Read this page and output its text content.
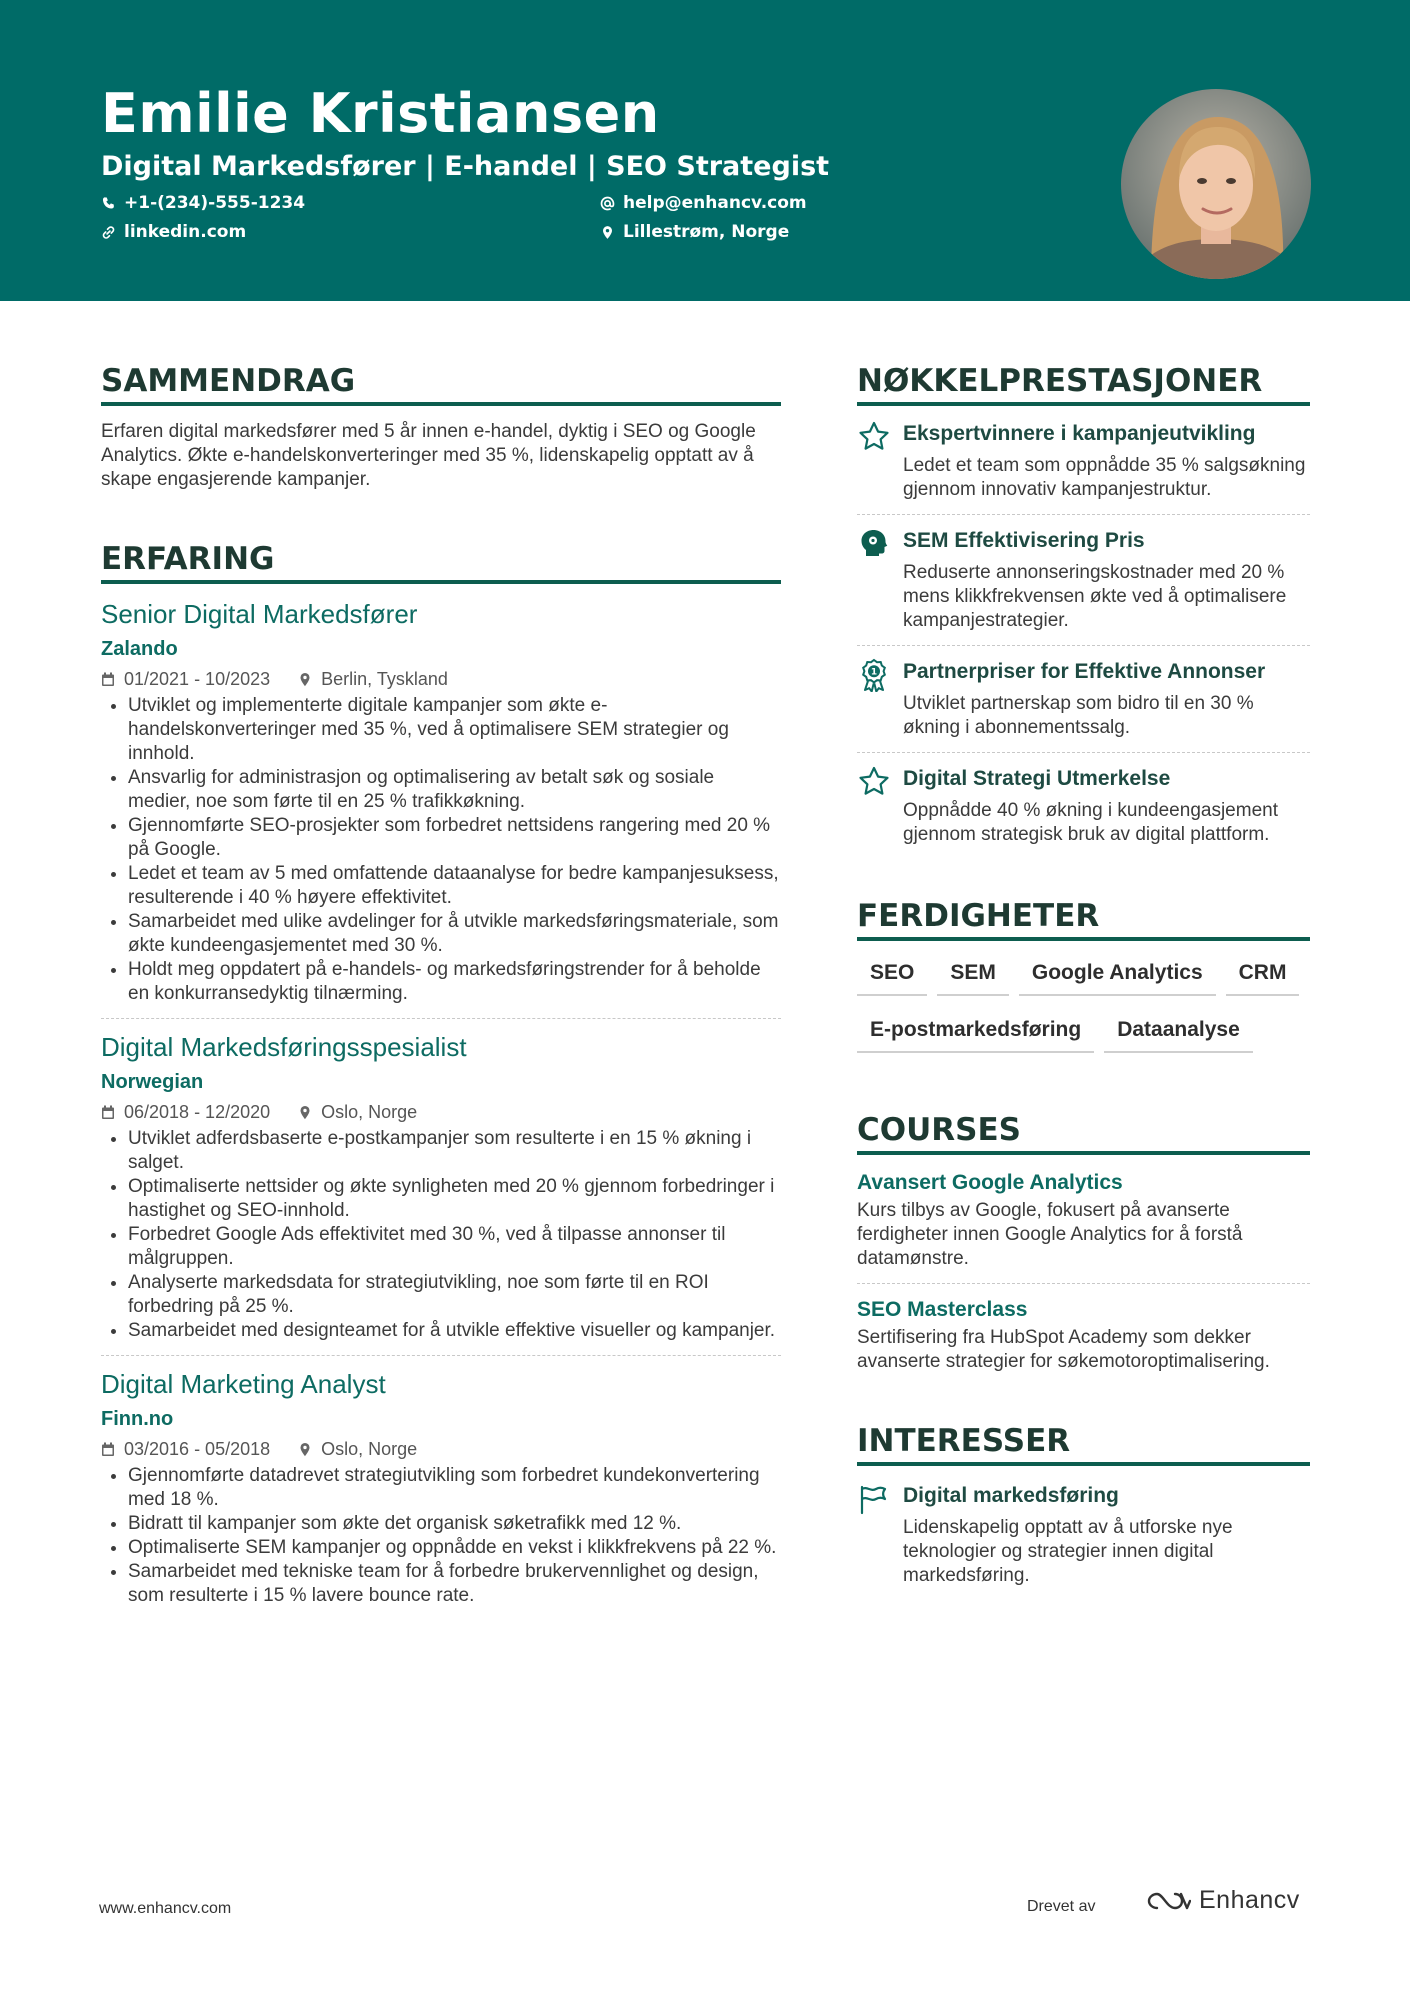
Emilie Kristiansen
Digital Markedsfører | E-handel | SEO Strategist
+1-(234)-555-1234	help@enhancv.com
linkedin.com	Lillestrøm, Norge
SAMMENDRAG
Erfaren digital markedsfører med 5 år innen e-handel, dyktig i SEO og Google Analytics. Økte e-handelskonverteringer med 35 %, lidenskapelig opptatt av å skape engasjerende kampanjer.
ERFARING
Senior Digital Markedsfører
Zalando
01/2021 - 10/2023	Berlin, Tyskland
• Utviklet og implementerte digitale kampanjer som økte e-handelskonverteringer med 35 %, ved å optimalisere SEM strategier og innhold.
• Ansvarlig for administrasjon og optimalisering av betalt søk og sosiale medier, noe som førte til en 25 % trafikkøkning.
• Gjennomførte SEO-prosjekter som forbedret nettsidens rangering med 20 % på Google.
• Ledet et team av 5 med omfattende dataanalyse for bedre kampanjesuksess, resulterende i 40 % høyere effektivitet.
• Samarbeidet med ulike avdelinger for å utvikle markedsføringsmateriale, som økte kundeengasjementet med 30 %.
• Holdt meg oppdatert på e-handels- og markedsføringstrender for å beholde en konkurransedyktig tilnærming.
Digital Markedsføringsspesialist
Norwegian
06/2018 - 12/2020	Oslo, Norge
• Utviklet adferdsbaserte e-postkampanjer som resulterte i en 15 % økning i salget.
• Optimaliserte nettsider og økte synligheten med 20 % gjennom forbedringer i hastighet og SEO-innhold.
• Forbedret Google Ads effektivitet med 30 %, ved å tilpasse annonser til målgruppen.
• Analyserte markedsdata for strategiutvikling, noe som førte til en ROI forbedring på 25 %.
• Samarbeidet med designteamet for å utvikle effektive visueller og kampanjer.
Digital Marketing Analyst
Finn.no
03/2016 - 05/2018	Oslo, Norge
• Gjennomførte datadrevet strategiutvikling som forbedret kundekonvertering med 18 %.
• Bidratt til kampanjer som økte det organisk søketrafikk med 12 %.
• Optimaliserte SEM kampanjer og oppnådde en vekst i klikkfrekvens på 22 %.
• Samarbeidet med tekniske team for å forbedre brukervennlighet og design, som resulterte i 15 % lavere bounce rate.
NØKKELPRESTASJONER
Ekspertvinnere i kampanjeutvikling
Ledet et team som oppnådde 35 % salgsøkning gjennom innovativ kampanjestruktur.
SEM Effektivisering Pris
Reduserte annonseringskostnader med 20 % mens klikkfrekvensen økte ved å optimalisere kampanjestrategier.
1 Partnerpriser for Effektive Annonser
Utviklet partnerskap som bidro til en 30 % økning i abonnementssalg.
Digital Strategi Utmerkelse
Oppnådde 40 % økning i kundeengasjement gjennom strategisk bruk av digital plattform.
FERDIGHETER
SEO	SEM	Google Analytics	CRM
E-postmarkedsføring	Dataanalyse
COURSES
Avansert Google Analytics
Kurs tilbys av Google, fokusert på avanserte ferdigheter innen Google Analytics for å forstå datamønstre.
SEO Masterclass
Sertifisering fra HubSpot Academy som dekker avanserte strategier for søkemotoroptimalisering.
INTERESSER
Digital markedsføring
Lidenskapelig opptatt av å utforske nye teknologier og strategier innen digital markedsføring.
www.enhancv.com	Drevet av	Enhancv
